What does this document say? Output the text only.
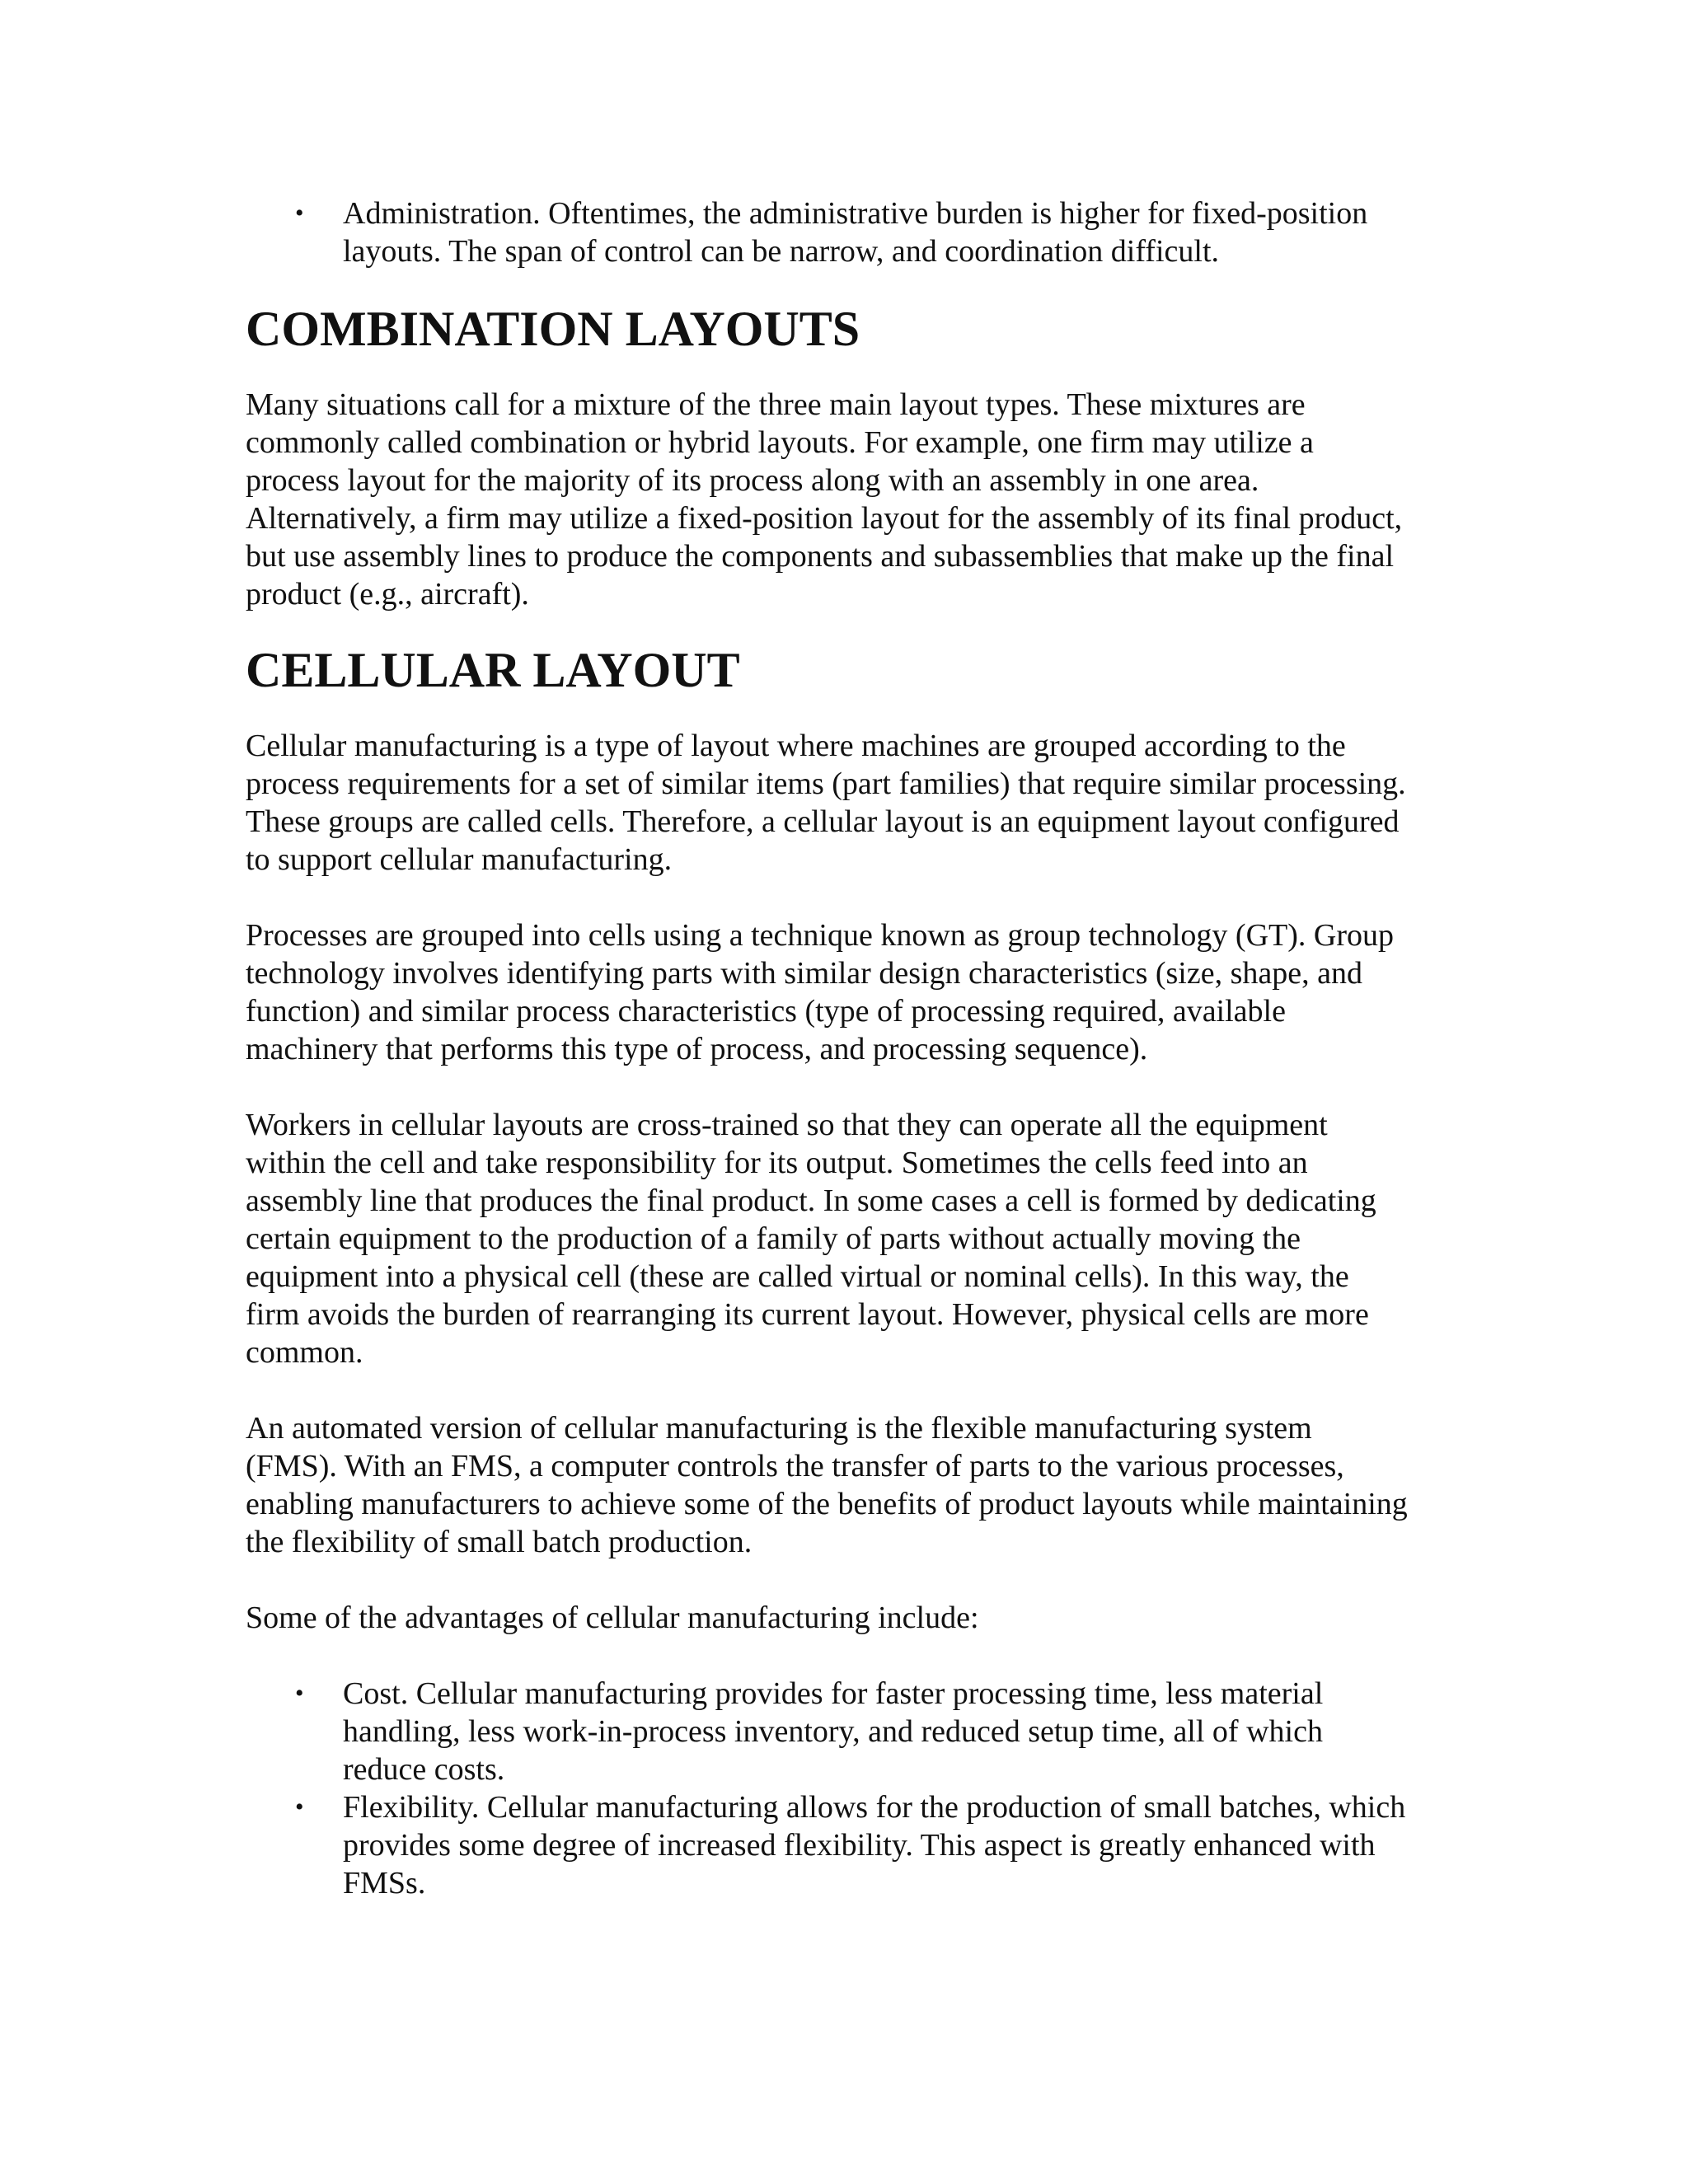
• Administration. Oftentimes, the administrative burden is higher for fixed-position layouts. The span of control can be narrow, and coordination difficult.
COMBINATION LAYOUTS

Many situations call for a mixture of the three main layout types. These mixtures are commonly called combination or hybrid layouts. For example, one firm may utilize a process layout for the majority of its process along with an assembly in one area. Alternatively, a firm may utilize a fixed-position layout for the assembly of its final product, but use assembly lines to produce the components and subassemblies that make up the final product (e.g., aircraft).

CELLULAR LAYOUT

Cellular manufacturing is a type of layout where machines are grouped according to the process requirements for a set of similar items (part families) that require similar processing. These groups are called cells. Therefore, a cellular layout is an equipment layout configured to support cellular manufacturing.

Processes are grouped into cells using a technique known as group technology (GT). Group technology involves identifying parts with similar design characteristics (size, shape, and function) and similar process characteristics (type of processing required, available machinery that performs this type of process, and processing sequence).

Workers in cellular layouts are cross-trained so that they can operate all the equipment within the cell and take responsibility for its output. Sometimes the cells feed into an assembly line that produces the final product. In some cases a cell is formed by dedicating certain equipment to the production of a family of parts without actually moving the equipment into a physical cell (these are called virtual or nominal cells). In this way, the firm avoids the burden of rearranging its current layout. However, physical cells are more common.

An automated version of cellular manufacturing is the flexible manufacturing system (FMS). With an FMS, a computer controls the transfer of parts to the various processes, enabling manufacturers to achieve some of the benefits of product layouts while maintaining the flexibility of small batch production.

Some of the advantages of cellular manufacturing include:

• Cost. Cellular manufacturing provides for faster processing time, less material handling, less work-in-process inventory, and reduced setup time, all of which reduce costs.
• Flexibility. Cellular manufacturing allows for the production of small batches, which provides some degree of increased flexibility. This aspect is greatly enhanced with FMSs.
